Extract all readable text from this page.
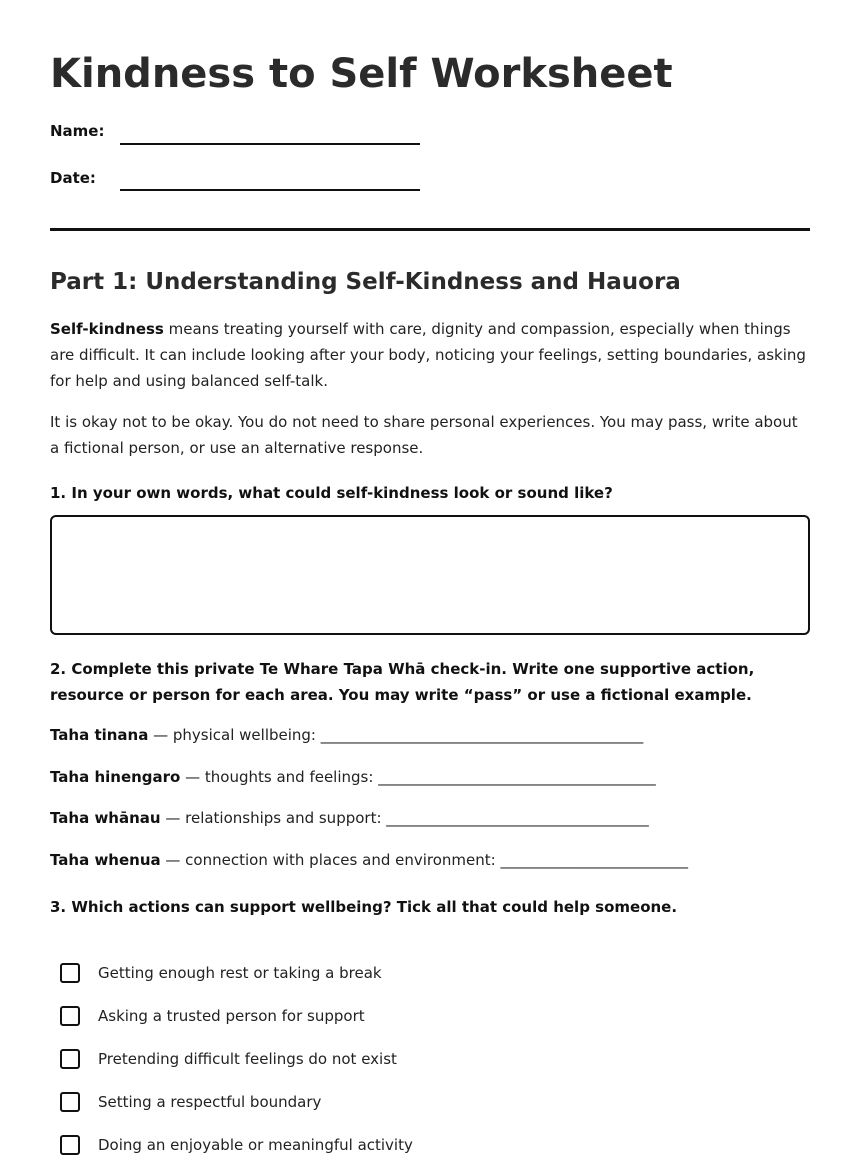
Kindness to Self Worksheet
Name:
Date:
Part 1: Understanding Self-Kindness and Hauora

Self-kindness means treating yourself with care, dignity and compassion, especially when things are difficult. It can include looking after your body, noticing your feelings, setting boundaries, asking for help and using balanced self-talk.

It is okay not to be okay. You do not need to share personal experiences. You may pass, write about a fictional person, or use an alternative response.

1. In your own words, what could self-kindness look or sound like?

2. Complete this private Te Whare Tapa Whā check-in. Write one supportive action, resource or person for each area. You may write “pass” or use a fictional example.

Taha tinana — physical wellbeing: ___________________________________________
Taha hinengaro — thoughts and feelings: _____________________________________
Taha whānau — relationships and support: ___________________________________
Taha whenua — connection with places and environment: _________________________

3. Which actions can support wellbeing? Tick all that could help someone.

Getting enough rest or taking a break
Asking a trusted person for support
Pretending difficult feelings do not exist
Setting a respectful boundary
Doing an enjoyable or meaningful activity
